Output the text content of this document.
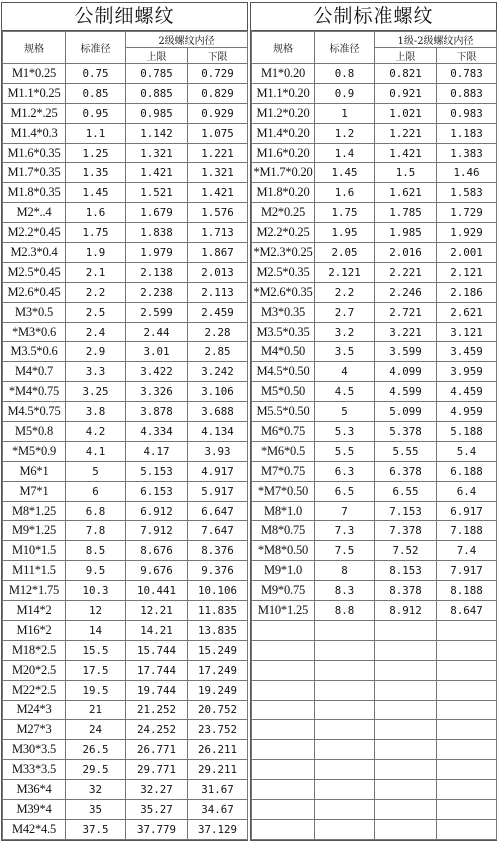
公制细螺纹
规格	标准径	2级螺纹内径	
		上限	下限
M1*0.25	0.75	0.785	0.729
M1.1*0.25	0.85	0.885	0.829
M1.2*.25	0.95	0.985	0.929
M1.4*0.3	1.1	1.142	1.075
M1.6*0.35	1.25	1.321	1.221
M1.7*0.35	1.35	1.421	1.321
M1.8*0.35	1.45	1.521	1.421
M2*..4	1.6	1.679	1.576
M2.2*0.45	1.75	1.838	1.713
M2.3*0.4	1.9	1.979	1.867
M2.5*0.45	2.1	2.138	2.013
M2.6*0.45	2.2	2.238	2.113
M3*0.5	2.5	2.599	2.459
*M3*0.6	2.4	2.44	2.28
M3.5*0.6	2.9	3.01	2.85
M4*0.7	3.3	3.422	3.242
*M4*0.75	3.25	3.326	3.106
M4.5*0.75	3.8	3.878	3.688
M5*0.8	4.2	4.334	4.134
*M5*0.9	4.1	4.17	3.93
M6*1	5	5.153	4.917
M7*1	6	6.153	5.917
M8*1.25	6.8	6.912	6.647
M9*1.25	7.8	7.912	7.647
M10*1.5	8.5	8.676	8.376
M11*1.5	9.5	9.676	9.376
M12*1.75	10.3	10.441	10.106
M14*2	12	12.21	11.835
M16*2	14	14.21	13.835
M18*2.5	15.5	15.744	15.249
M20*2.5	17.5	17.744	17.249
M22*2.5	19.5	19.744	19.249
M24*3	21	21.252	20.752
M27*3	24	24.252	23.752
M30*3.5	26.5	26.771	26.211
M33*3.5	29.5	29.771	29.211
M36*4	32	32.27	31.67
M39*4	35	35.27	34.67
M42*4.5	37.5	37.779	37.129
公制标准螺纹
规格	标准径	1级-2级螺纹内径	
		上限	下限
M1*0.20	0.8	0.821	0.783
M1.1*0.20	0.9	0.921	0.883
M1.2*0.20	1	1.021	0.983
M1.4*0.20	1.2	1.221	1.183
M1.6*0.20	1.4	1.421	1.383
*M1.7*0.20	1.45	1.5	1.46
M1.8*0.20	1.6	1.621	1.583
M2*0.25	1.75	1.785	1.729
M2.2*0.25	1.95	1.985	1.929
*M2.3*0.25	2.05	2.016	2.001
M2.5*0.35	2.121	2.221	2.121
*M2.6*0.35	2.2	2.246	2.186
M3*0.35	2.7	2.721	2.621
M3.5*0.35	3.2	3.221	3.121
M4*0.50	3.5	3.599	3.459
M4.5*0.50	4	4.099	3.959
M5*0.50	4.5	4.599	4.459
M5.5*0.50	5	5.099	4.959
M6*0.75	5.3	5.378	5.188
*M6*0.5	5.5	5.55	5.4
M7*0.75	6.3	6.378	6.188
*M7*0.50	6.5	6.55	6.4
M8*1.0	7	7.153	6.917
M8*0.75	7.3	7.378	7.188
*M8*0.50	7.5	7.52	7.4
M9*1.0	8	8.153	7.917
M9*0.75	8.3	8.378	8.188
M10*1.25	8.8	8.912	8.647
